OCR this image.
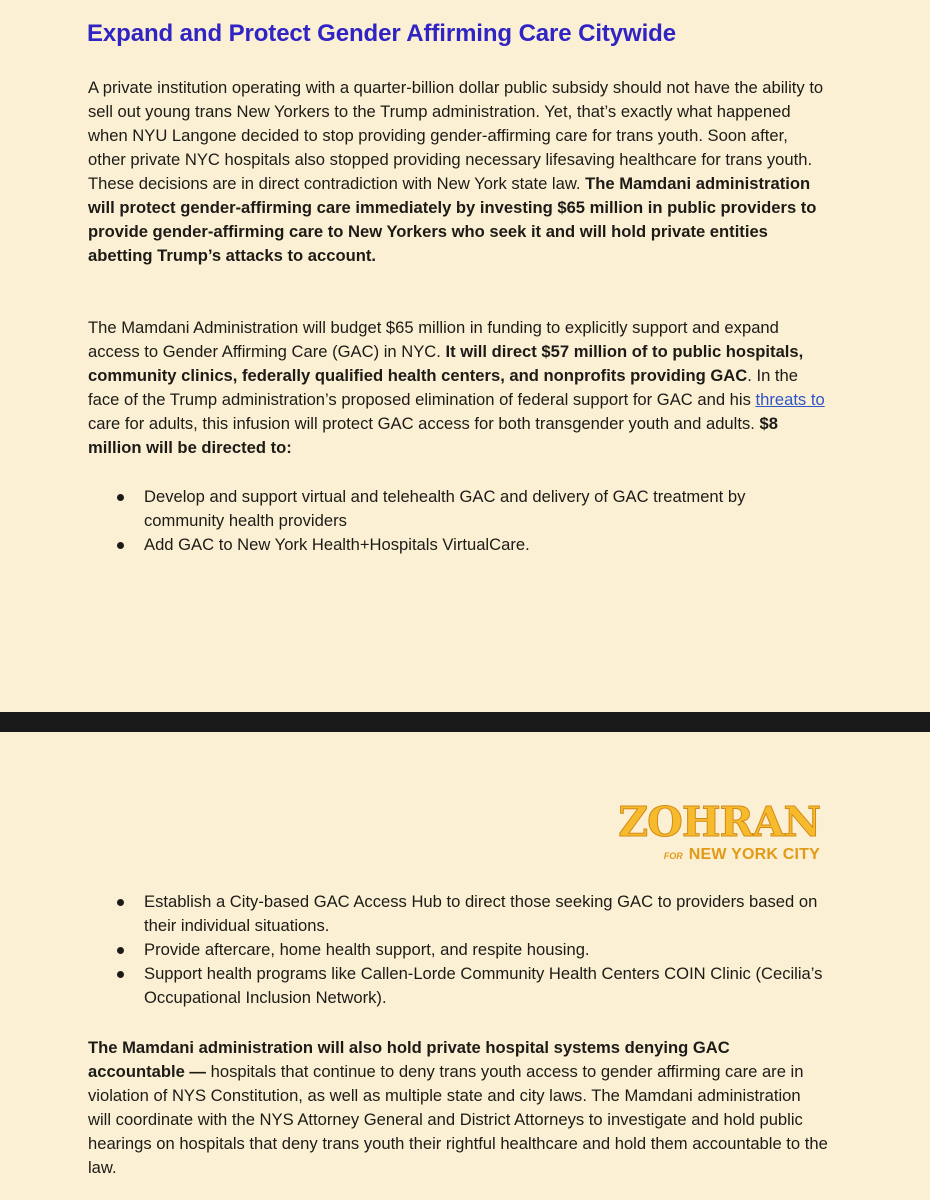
Expand and Protect Gender Affirming Care Citywide

A private institution operating with a quarter-billion dollar public subsidy should not have the ability to sell out young trans New Yorkers to the Trump administration. Yet, that’s exactly what happened when NYU Langone decided to stop providing gender-affirming care for trans youth. Soon after, other private NYC hospitals also stopped providing necessary lifesaving healthcare for trans youth. These decisions are in direct contradiction with New York state law. The Mamdani administration will protect gender-affirming care immediately by investing $65 million in public providers to provide gender-affirming care to New Yorkers who seek it and will hold private entities abetting Trump’s attacks to account.

The Mamdani Administration will budget $65 million in funding to explicitly support and expand access to Gender Affirming Care (GAC) in NYC. It will direct $57 million of to public hospitals, community clinics, federally qualified health centers, and nonprofits providing GAC. In the face of the Trump administration’s proposed elimination of federal support for GAC and his threats to care for adults, this infusion will protect GAC access for both transgender youth and adults. $8 million will be directed to:

Develop and support virtual and telehealth GAC and delivery of GAC treatment by community health providers
Add GAC to New York Health+Hospitals VirtualCare.
ZOHRAN
FOR NEW YORK CITY
Establish a City-based GAC Access Hub to direct those seeking GAC to providers based on their individual situations.
Provide aftercare, home health support, and respite housing.
Support health programs like Callen-Lorde Community Health Centers COIN Clinic (Cecilia’s Occupational Inclusion Network).

The Mamdani administration will also hold private hospital systems denying GAC accountable — hospitals that continue to deny trans youth access to gender affirming care are in violation of NYS Constitution, as well as multiple state and city laws. The Mamdani administration will coordinate with the NYS Attorney General and District Attorneys to investigate and hold public hearings on hospitals that deny trans youth their rightful healthcare and hold them accountable to the law.
